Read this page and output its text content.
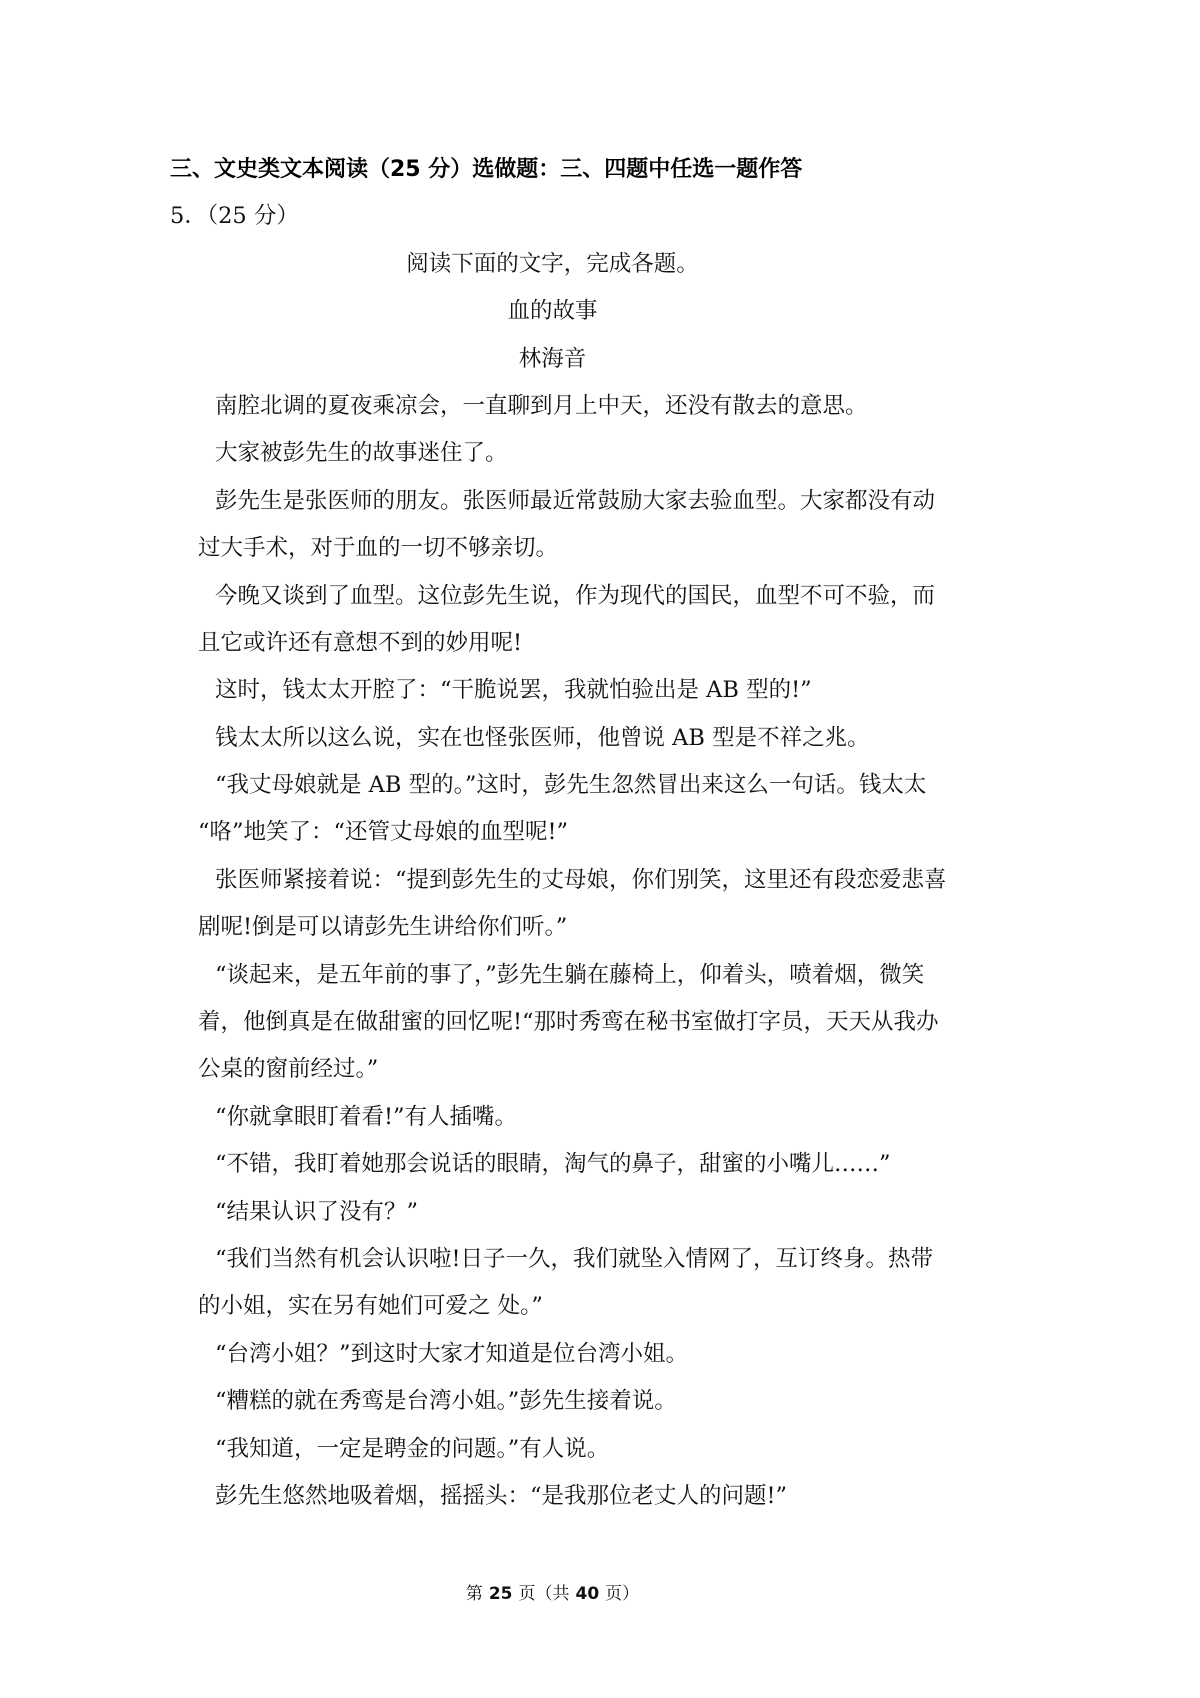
三、文史类文本阅读（25 分）选做题：三、四题中任选一题作答
5．（25 分）
阅读下面的文字，完成各题。
血的故事
林海音
南腔北调的夏夜乘凉会，一直聊到月上中天，还没有散去的意思。
大家被彭先生的故事迷住了。
彭先生是张医师的朋友。张医师最近常鼓励大家去验血型。大家都没有动
过大手术，对于血的一切不够亲切。
今晚又谈到了血型。这位彭先生说，作为现代的国民，血型不可不验，而
且它或许还有意想不到的妙用呢!
这时，钱太太开腔了：“干脆说罢，我就怕验出是 AB 型的!”
钱太太所以这么说，实在也怪张医师，他曾说 AB 型是不祥之兆。
“我丈母娘就是 AB 型的。”这时，彭先生忽然冒出来这么一句话。钱太太
“咯”地笑了：“还管丈母娘的血型呢!”
张医师紧接着说：“提到彭先生的丈母娘，你们别笑，这里还有段恋爱悲喜
剧呢!倒是可以请彭先生讲给你们听。”
“谈起来，是五年前的事了，”彭先生躺在藤椅上，仰着头，喷着烟，微笑
着，他倒真是在做甜蜜的回忆呢!“那时秀鸾在秘书室做打字员，天天从我办
公桌的窗前经过。”
“你就拿眼盯着看!”有人插嘴。
“不错，我盯着她那会说话的眼睛，淘气的鼻子，甜蜜的小嘴儿……”
“结果认识了没有？”
“我们当然有机会认识啦!日子一久，我们就坠入情网了，互订终身。热带
的小姐，实在另有她们可爱之 处。”
“台湾小姐？”到这时大家才知道是位台湾小姐。
“糟糕的就在秀鸾是台湾小姐。”彭先生接着说。
“我知道，一定是聘金的问题。”有人说。
彭先生悠然地吸着烟，摇摇头：“是我那位老丈人的问题!”
第 25 页（共 40 页）
